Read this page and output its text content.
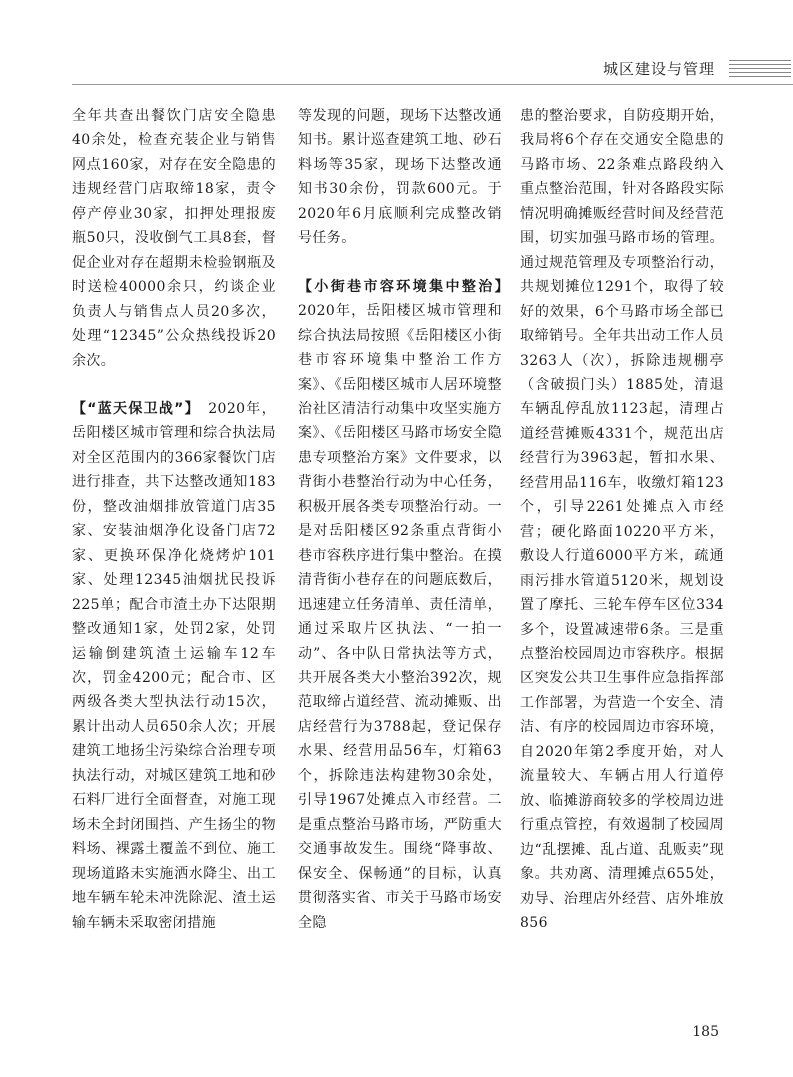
城区建设与管理

全年共查出餐饮门店安全隐患40余处，检查充装企业与销售网点160家，对存在安全隐患的违规经营门店取缔18家，责令停产停业30家，扣押处理报废瓶50只，没收倒气工具8套，督促企业对存在超期未检验钢瓶及时送检40000余只，约谈企业负责人与销售点人员20多次，处理“12345”公众热线投诉20余次。

【“蓝天保卫战”】　 2020年，岳阳楼区城市管理和综合执法局对全区范围内的366家餐饮门店进行排查，共下达整改通知183份，整改油烟排放管道门店35家、安装油烟净化设备门店72家、更换环保净化烧烤炉101家、处理12345油烟扰民投诉225单；配合市渣土办下达限期整改通知1家，处罚2家，处罚运输倒建筑渣土运输车12车次，罚金4200元；配合市、区两级各类大型执法行动15次，累计出动人员650余人次；开展建筑工地扬尘污染综合治理专项执法行动，对城区建筑工地和砂石料厂进行全面督查，对施工现场未全封闭围挡、产生扬尘的物料场、裸露土覆盖不到位、施工现场道路未实施洒水降尘、出工地车辆车轮未冲洗除泥、渣土运输车辆未采取密闭措施

等发现的问题，现场下达整改通知书。累计巡查建筑工地、砂石料场等35家，现场下达整改通知书30余份，罚款600元。于2020年6月底顺利完成整改销号任务。

【小街巷市容环境集中整治】　2020年，岳阳楼区城市管理和综合执法局按照《岳阳楼区小街巷市容环境集中整治工作方案》、《岳阳楼区城市人居环境整治社区清洁行动集中攻坚实施方案》、《岳阳楼区马路市场安全隐患专项整治方案》文件要求，以背街小巷整治行动为中心任务，积极开展各类专项整治行动。一是对岳阳楼区92条重点背街小巷市容秩序进行集中整治。在摸清背街小巷存在的问题底数后，迅速建立任务清单、责任清单，通过采取片区执法、“一拍一动”、各中队日常执法等方式，共开展各类大小整治392次，规范取缔占道经营、流动摊贩、出店经营行为3788起，登记保存水果、经营用品56车，灯箱63个，拆除违法构建物30余处，引导1967处摊点入市经营。二是重点整治马路市场，严防重大交通事故发生。围绕“降事故、保安全、保畅通”的目标，认真贯彻落实省、市关于马路市场安全隐

患的整治要求，自防疫期开始，我局将6个存在交通安全隐患的马路市场、22条难点路段纳入重点整治范围，针对各路段实际情况明确摊贩经营时间及经营范围，切实加强马路市场的管理。通过规范管理及专项整治行动，共规划摊位1291个，取得了较好的效果，6个马路市场全部已取缔销号。全年共出动工作人员3263人（次），拆除违规棚亭（含破损门头）1885处，清退车辆乱停乱放1123起，清理占道经营摊贩4331个，规范出店经营行为3963起，暂扣水果、经营用品116车，收缴灯箱123个，引导2261处摊点入市经营；硬化路面10220平方米，敷设人行道6000平方米，疏通雨污排水管道5120米，规划设置了摩托、三轮车停车区位334多个，设置减速带6条。三是重点整治校园周边市容秩序。根据区突发公共卫生事件应急指挥部工作部署，为营造一个安全、清洁、有序的校园周边市容环境，自2020年第2季度开始，对人流量较大、车辆占用人行道停放、临摊游商较多的学校周边进行重点管控，有效遏制了校园周边“乱摆摊、乱占道、乱贩卖”现象。共劝离、清理摊点655处，劝导、治理店外经营、店外堆放856

185
